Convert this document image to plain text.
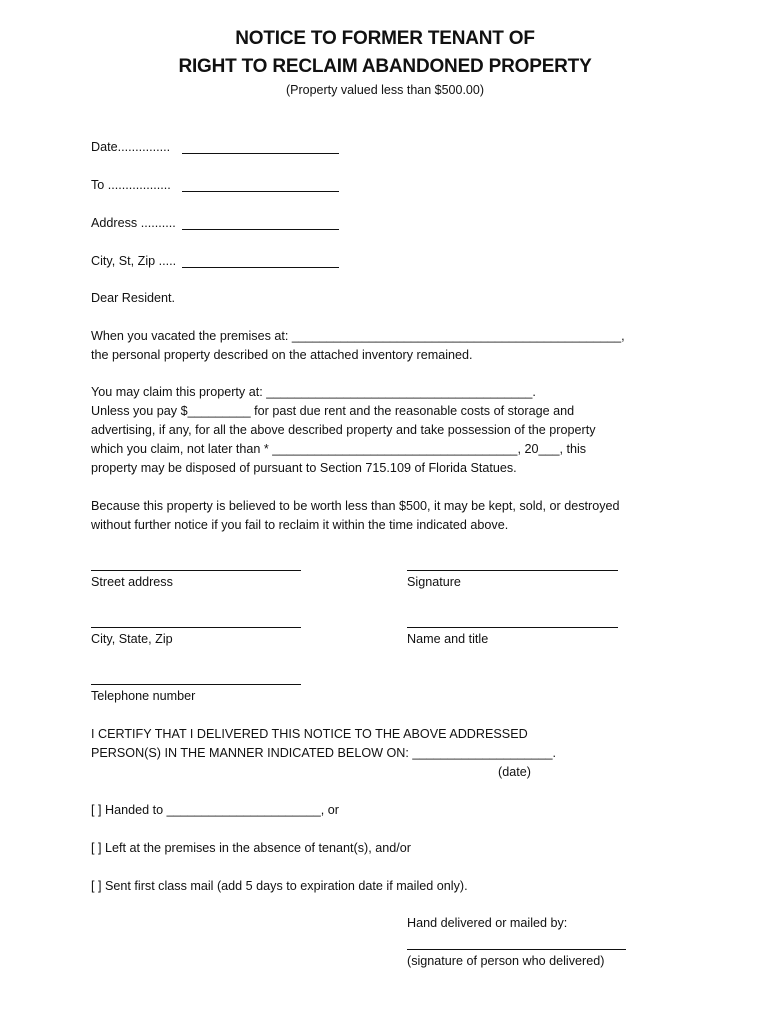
NOTICE TO FORMER TENANT OF
RIGHT TO RECLAIM ABANDONED PROPERTY
(Property valued less than $500.00)
Date...............
To ..................
Address ..........
City, St, Zip .....
Dear Resident.
When you vacated the premises at: _______________________________________________,
the personal property described on the attached inventory remained.
You may claim this property at: ______________________________________.
Unless you pay $_________ for past due rent and the reasonable costs of storage and
advertising, if any, for all the above described property and take possession of the property
which you claim, not later than * ___________________________________, 20___, this
property may be disposed of pursuant to Section 715.109 of Florida Statues.
Because this property is believed to be worth less than $500, it may be kept, sold, or destroyed
without further notice if you fail to reclaim it within the time indicated above.
Street address	Signature
City, State, Zip	Name and title
Telephone number
I CERTIFY THAT I DELIVERED THIS NOTICE TO THE ABOVE ADDRESSED
PERSON(S) IN THE MANNER INDICATED BELOW ON: ____________________.
(date)
[ ] Handed to ______________________, or
[ ] Left at the premises in the absence of tenant(s), and/or
[ ] Sent first class mail (add 5 days to expiration date if mailed only).
Hand delivered or mailed by:
(signature of person who delivered)
